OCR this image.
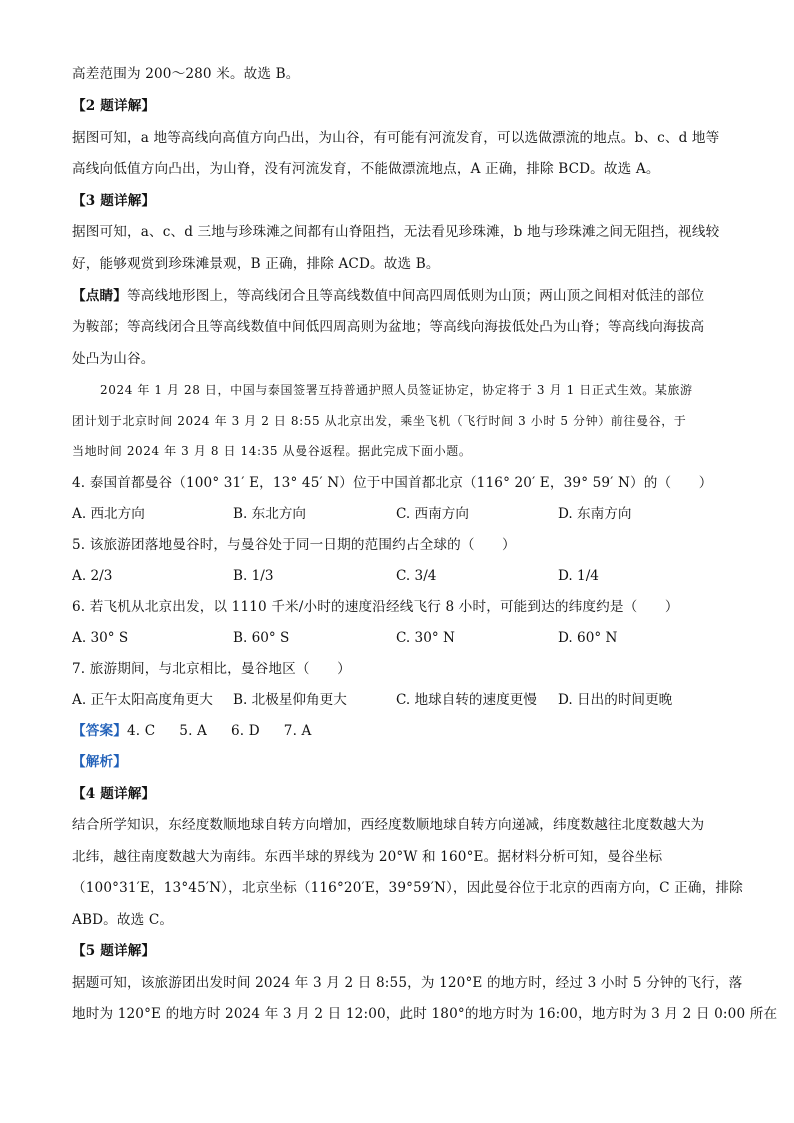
高差范围为 200～280 米。故选 B。
【2 题详解】
据图可知，a 地等高线向高值方向凸出，为山谷，有可能有河流发育，可以选做漂流的地点。b、c、d 地等
高线向低值方向凸出，为山脊，没有河流发育，不能做漂流地点，A 正确，排除 BCD。故选 A。
【3 题详解】
据图可知，a、c、d 三地与珍珠滩之间都有山脊阻挡，无法看见珍珠滩，b 地与珍珠滩之间无阻挡，视线较
好，能够观赏到珍珠滩景观，B 正确，排除 ACD。故选 B。
【点睛】等高线地形图上，等高线闭合且等高线数值中间高四周低则为山顶；两山顶之间相对低洼的部位
为鞍部；等高线闭合且等高线数值中间低四周高则为盆地；等高线向海拔低处凸为山脊；等高线向海拔高
处凸为山谷。
2024 年 1 月 28 日，中国与泰国签署互持普通护照人员签证协定，协定将于 3 月 1 日正式生效。某旅游
团计划于北京时间 2024 年 3 月 2 日 8:55 从北京出发，乘坐飞机（飞行时间 3 小时 5 分钟）前往曼谷，于
当地时间 2024 年 3 月 8 日 14:35 从曼谷返程。据此完成下面小题。
4. 泰国首都曼谷（100° 31′ E，13° 45′ N）位于中国首都北京（116° 20′ E，39° 59′ N）的（　　）
A. 西北方向	B. 东北方向	C. 西南方向	D. 东南方向
5. 该旅游团落地曼谷时，与曼谷处于同一日期的范围约占全球的（　　）
A. 2/3	B. 1/3	C. 3/4	D. 1/4
6. 若飞机从北京出发，以 1110 千米/小时的速度沿经线飞行 8 小时，可能到达的纬度约是（　　）
A. 30° S	B. 60° S	C. 30° N	D. 60° N
7. 旅游期间，与北京相比，曼谷地区（　　）
A. 正午太阳高度角更大 B. 北极星仰角更大	C. 地球自转的速度更慢 D. 日出的时间更晚
【答案】4. C 5. A 6. D 7. A
【解析】
【4 题详解】
结合所学知识，东经度数顺地球自转方向增加，西经度数顺地球自转方向递减，纬度数越往北度数越大为
北纬，越往南度数越大为南纬。东西半球的界线为 20°W 和 160°E。据材料分析可知，曼谷坐标
（100°31′E，13°45′N），北京坐标（116°20′E，39°59′N），因此曼谷位于北京的西南方向，C 正确，排除
ABD。故选 C。
【5 题详解】
据题可知，该旅游团出发时间 2024 年 3 月 2 日 8:55，为 120°E 的地方时，经过 3 小时 5 分钟的飞行，落
地时为 120°E 的地方时 2024 年 3 月 2 日 12:00，此时 180°的地方时为 16:00，地方时为 3 月 2 日 0:00 所在
